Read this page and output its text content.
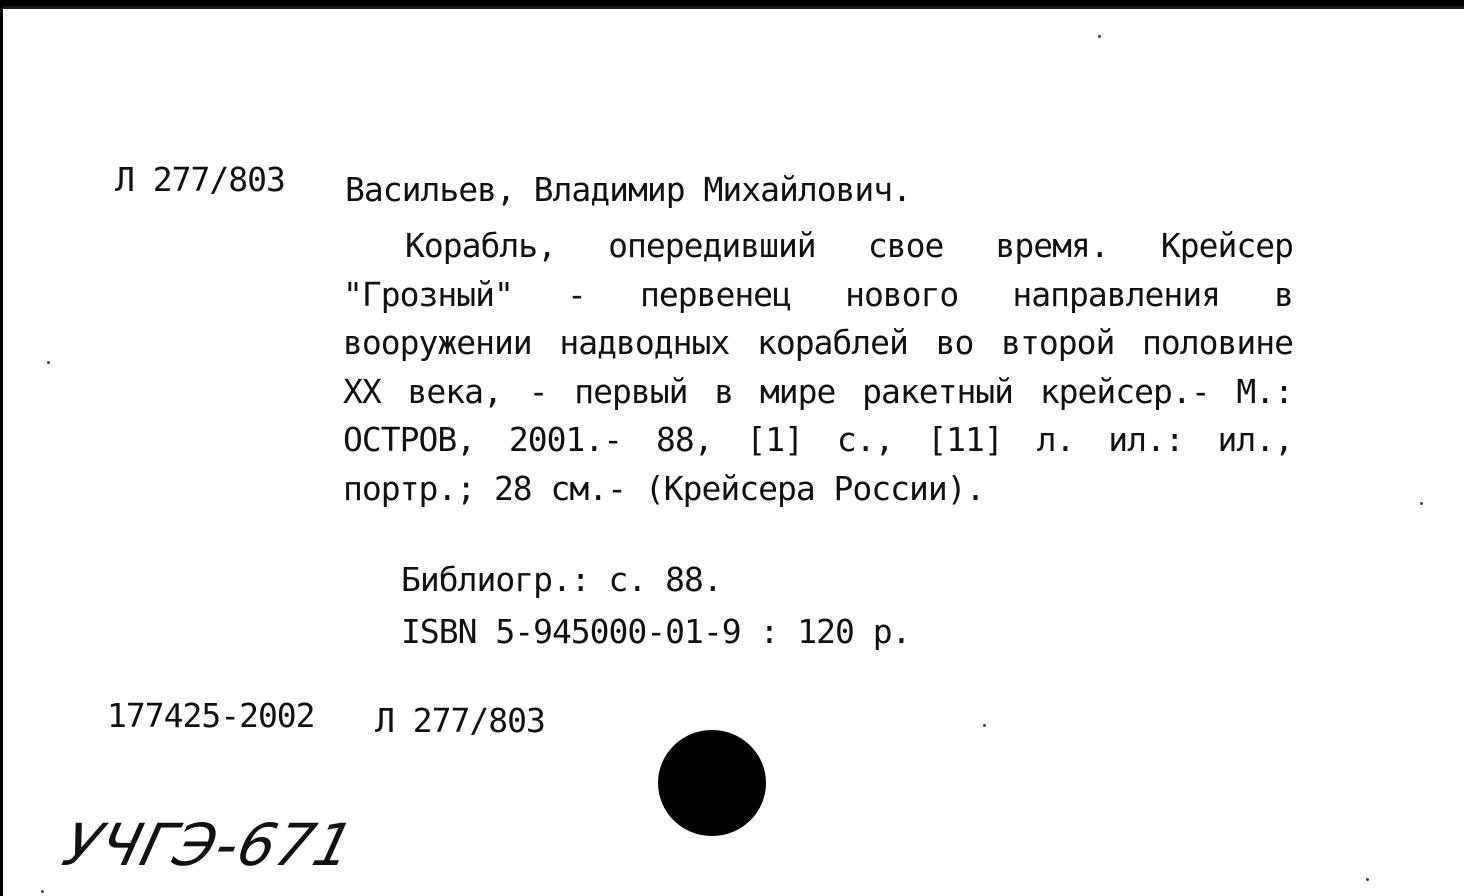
Л 277/803 Васильев, Владимир Михайлович.
Корабль, опередивший свое время. Крейсер "Грозный" - первенец нового направления в вооружении надводных кораблей во второй половине XX века, - первый в мире ракетный крейсер.- М.: ОСТРОВ, 2001.- 88, [1] с., [11] л. ил.: ил., портр.; 28 см.- (Крейсера России).
Библиогр.: с. 88.
ISBN 5-945000-01-9 : 120 р.
177425-2002 Л 277/803
УЧГЭ-671
